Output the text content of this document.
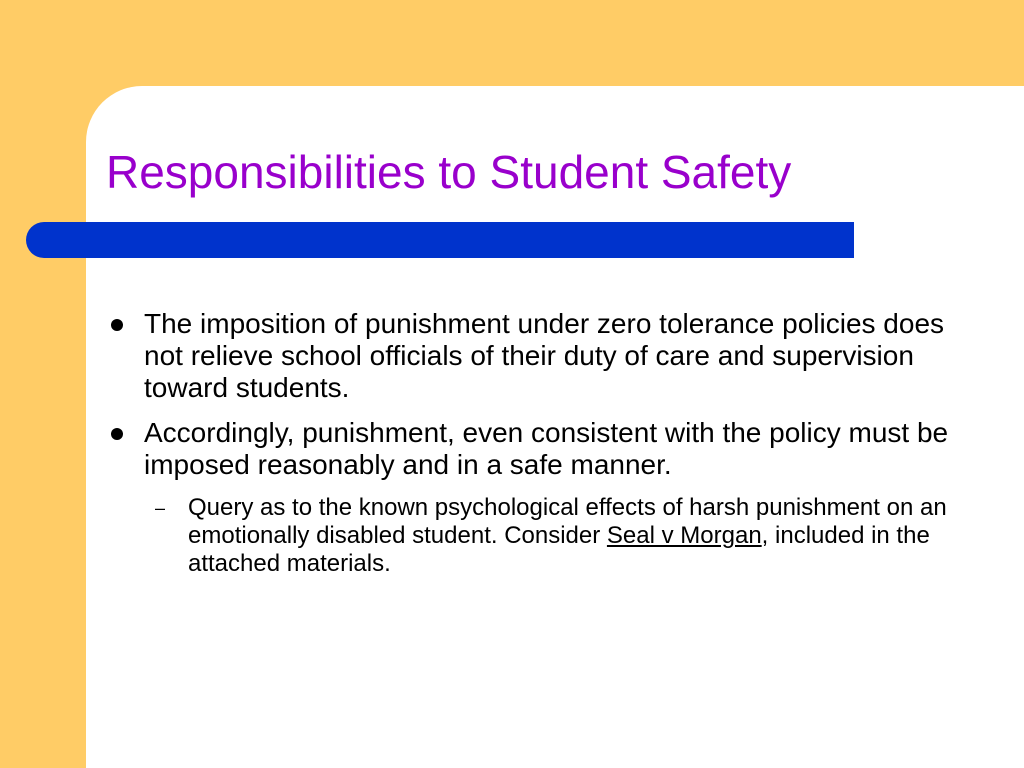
Responsibilities to Student Safety
The imposition of punishment under zero tolerance policies does not relieve school officials of their duty of care and supervision toward students.
Accordingly, punishment, even consistent with the policy must be imposed reasonably and in a safe manner.
– Query as to the known psychological effects of harsh punishment on an emotionally disabled student. Consider Seal v Morgan, included in the attached materials.
